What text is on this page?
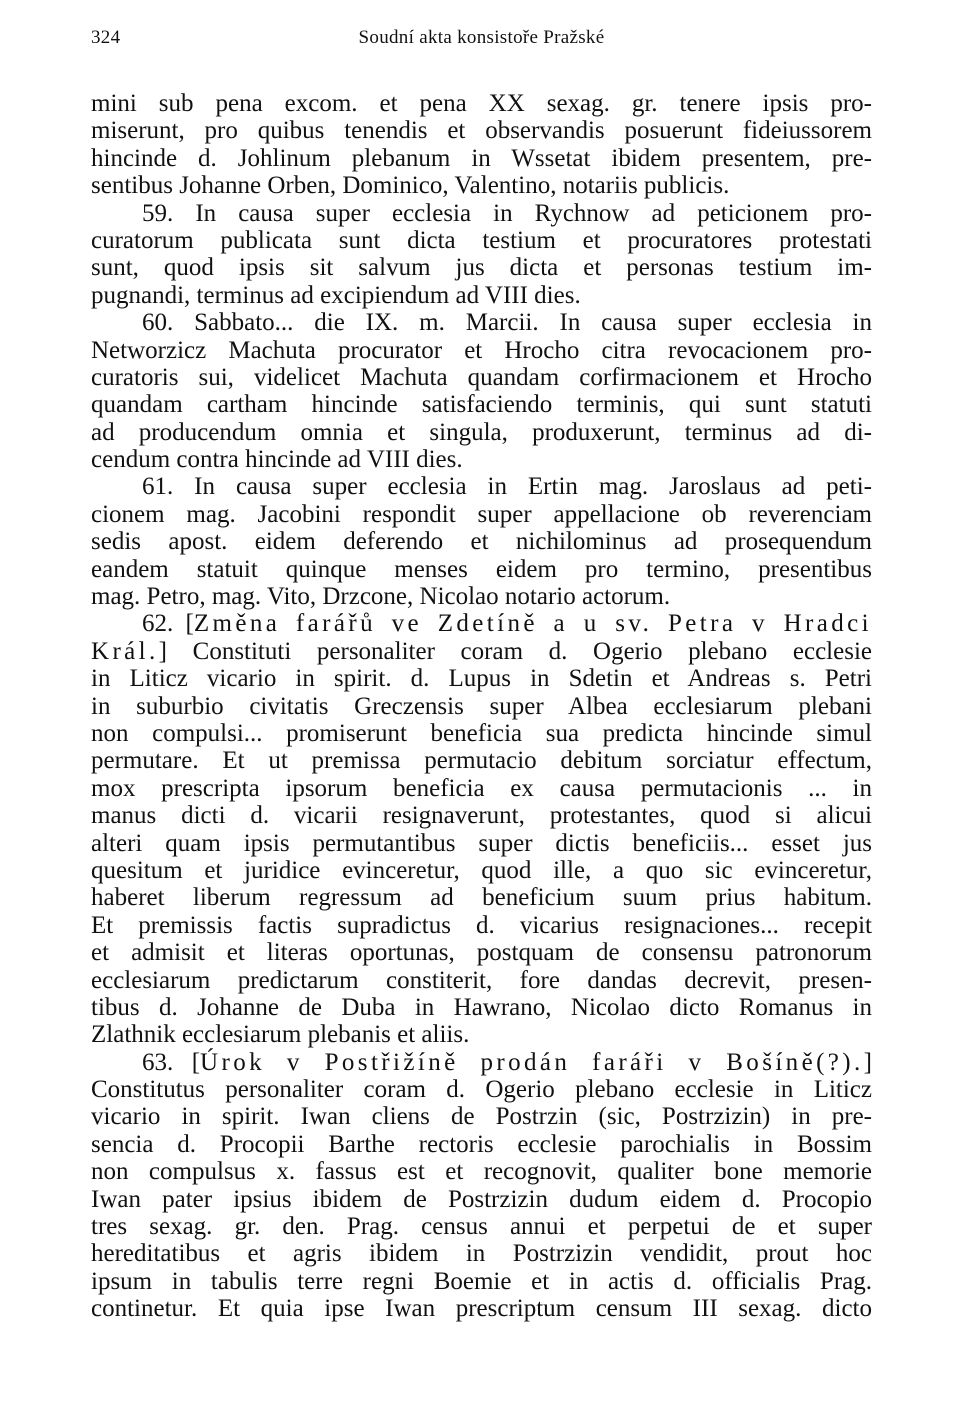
324	Soudní akta konsistoře Pražské
mini sub pena excom. et pena XX sexag. gr. tenere ipsis pro-
miserunt, pro quibus tenendis et observandis posuerunt fideiussorem
hincinde d. Johlinum plebanum in Wssetat ibidem presentem, pre-
sentibus Johanne Orben, Dominico, Valentino, notariis publicis.
59. In causa super ecclesia in Rychnow ad peticionem pro-
curatorum publicata sunt dicta testium et procuratores protestati
sunt, quod ipsis sit salvum jus dicta et personas testium im-
pugnandi, terminus ad excipiendum ad VIII dies.
60. Sabbato... die IX. m. Marcii. In causa super ecclesia in
Networzicz Machuta procurator et Hrocho citra revocacionem pro-
curatoris sui, videlicet Machuta quandam corfirmacionem et Hrocho
quandam cartham hincinde satisfaciendo terminis, qui sunt statuti
ad producendum omnia et singula, produxerunt, terminus ad di-
cendum contra hincinde ad VIII dies.
61. In causa super ecclesia in Ertin mag. Jaroslaus ad peti-
cionem mag. Jacobini respondit super appellacione ob reverenciam
sedis apost. eidem deferendo et nichilominus ad prosequendum
eandem statuit quinque menses eidem pro termino, presentibus
mag. Petro, mag. Vito, Drzcone, Nicolao notario actorum.
62. [Změna farářů ve Zdetíně a u sv. Petra v Hradci
Král.] Constituti personaliter coram d. Ogerio plebano ecclesie
in Liticz vicario in spirit. d. Lupus in Sdetin et Andreas s. Petri
in suburbio civitatis Greczensis super Albea ecclesiarum plebani
non compulsi... promiserunt beneficia sua predicta hincinde simul
permutare. Et ut premissa permutacio debitum sorciatur effectum,
mox prescripta ipsorum beneficia ex causa permutacionis ... in
manus dicti d. vicarii resignaverunt, protestantes, quod si alicui
alteri quam ipsis permutantibus super dictis beneficiis... esset jus
quesitum et juridice evinceretur, quod ille, a quo sic evinceretur,
haberet liberum regressum ad beneficium suum prius habitum.
Et premissis factis supradictus d. vicarius resignaciones... recepit
et admisit et literas oportunas, postquam de consensu patronorum
ecclesiarum predictarum constiterit, fore dandas decrevit, presen-
tibus d. Johanne de Duba in Hawrano, Nicolao dicto Romanus in
Zlathnik ecclesiarum plebanis et aliis.
63. [Úrok v Postřižíně prodán faráři v Bošíně(?).]
Constitutus personaliter coram d. Ogerio plebano ecclesie in Liticz
vicario in spirit. Iwan cliens de Postrzin (sic, Postrzizin) in pre-
sencia d. Procopii Barthe rectoris ecclesie parochialis in Bossim
non compulsus x. fassus est et recognovit, qualiter bone memorie
Iwan pater ipsius ibidem de Postrzizin dudum eidem d. Procopio
tres sexag. gr. den. Prag. census annui et perpetui de et super
hereditatibus et agris ibidem in Postrzizin vendidit, prout hoc
ipsum in tabulis terre regni Boemie et in actis d. officialis Prag.
continetur. Et quia ipse Iwan prescriptum censum III sexag. dicto
